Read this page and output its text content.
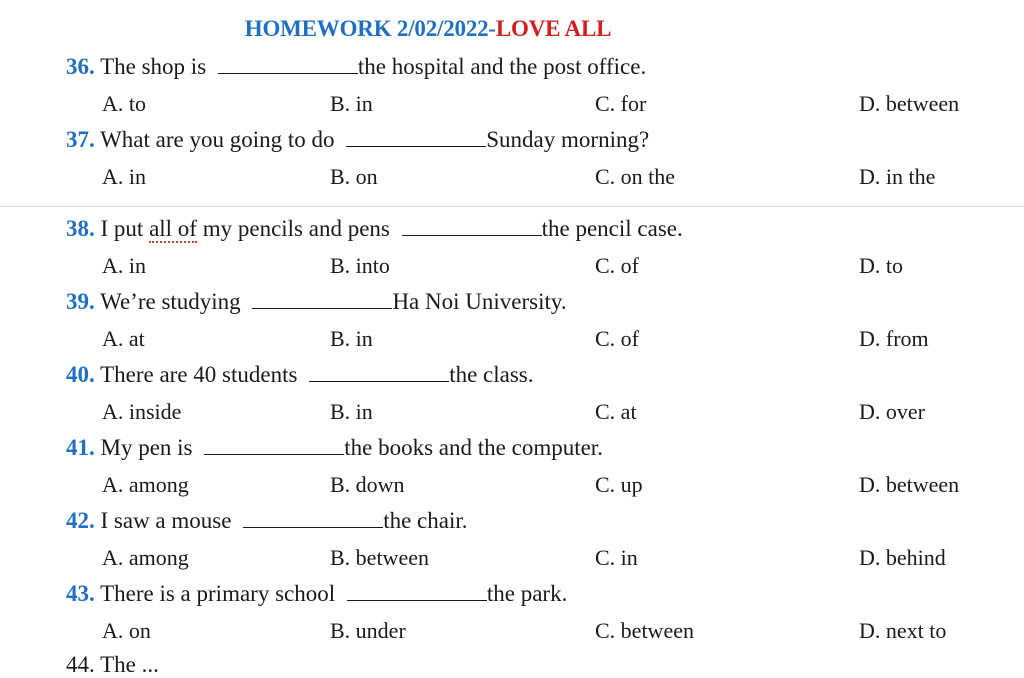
HOMEWORK 2/02/2022-LOVE ALL
36. The shop is	the hospital and the post office.
A. to	B. in	C. for	D. between
37. What are you going to do	Sunday morning?
A. in	B. on	C. on the	D. in the
38. I put all of my pencils and pens	the pencil case.
A. in	B. into	C. of	D. to
39. We’re studying	Ha Noi University.
A. at	B. in	C. of	D. from
40. There are 40 students	the class.
A. inside	B. in	C. at	D. over
41. My pen is	the books and the computer.
A. among	B. down	C. up	D. between
42. I saw a mouse	the chair.
A. among	B. between	C. in	D. behind
43. There is a primary school	the park.
A. on	B. under	C. between	D. next to
44. The ...
